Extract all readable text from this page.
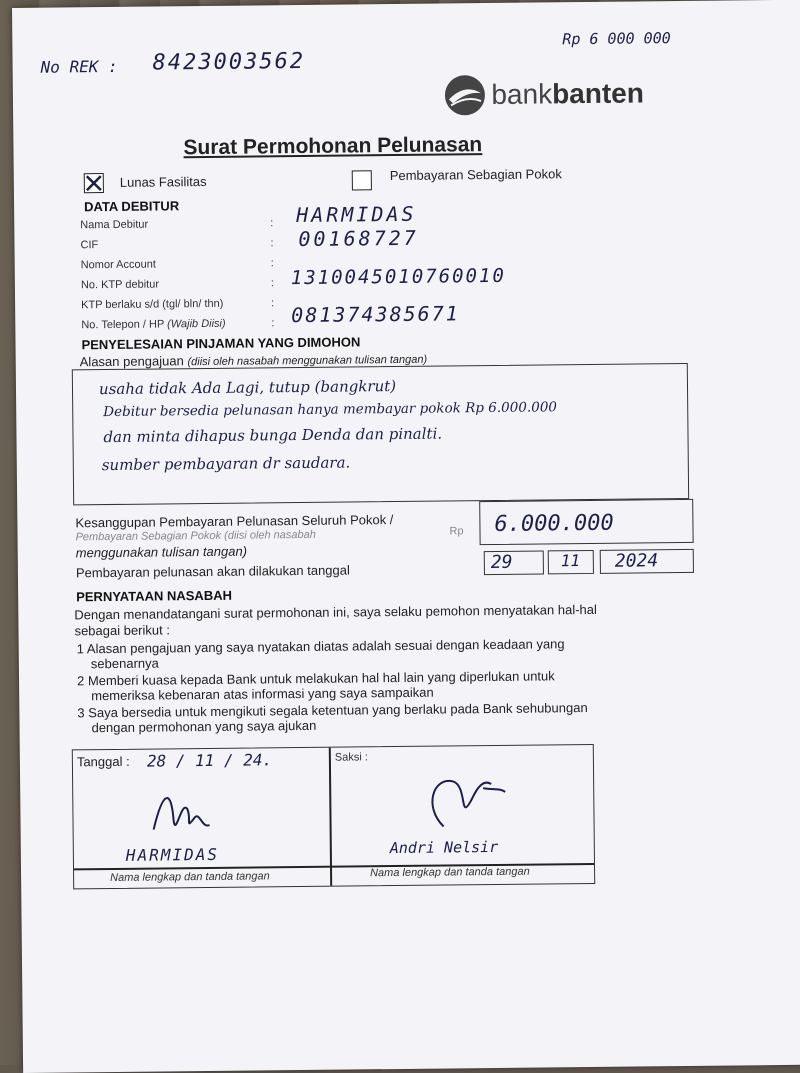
No REK : 8423003562
Rp 6 000 000
bankbanten
Surat Permohonan Pelunasan
Lunas Fasilitas	Pembayaran Sebagian Pokok
DATA DEBITUR
Nama Debitur	: HARMIDAS
CIF	: 00168727
Nomor Account	:
No. KTP debitur	: 1310045010760010
KTP berlaku s/d (tgl/ bln/ thn)	:
No. Telepon / HP (Wajib Diisi)	: 081374385671
PENYELESAIAN PINJAMAN YANG DIMOHON
Alasan pengajuan (diisi oleh nasabah menggunakan tulisan tangan)
usaha tidak Ada Lagi, tutup (bangkrut)
Debitur bersedia pelunasan hanya membayar pokok Rp 6.000.000
dan minta dihapus bunga Denda dan pinalti.
sumber pembayaran dr saudara.
Kesanggupan Pembayaran Pelunasan Seluruh Pokok /
Pembayaran Sebagian Pokok (diisi oleh nasabah
menggunakan tulisan tangan)
Rp 6.000.000
Pembayaran pelunasan akan dilakukan tanggal	29	11 2024
PERNYATAAN NASABAH
Dengan menandatangani surat permohonan ini, saya selaku pemohon menyatakan hal-hal
sebagai berikut :
1 Alasan pengajuan yang saya nyatakan diatas adalah sesuai dengan keadaan yang
sebenarnya
2 Memberi kuasa kepada Bank untuk melakukan hal hal lain yang diperlukan untuk
memeriksa kebenaran atas informasi yang saya sampaikan
3 Saya bersedia untuk mengikuti segala ketentuan yang berlaku pada Bank sehubungan
dengan permohonan yang saya ajukan
Tanggal : 28 / 11 / 24.	Saksi :
HARMIDAS	Andri Nelsir
Nama lengkap dan tanda tangan	Nama lengkap dan tanda tangan
